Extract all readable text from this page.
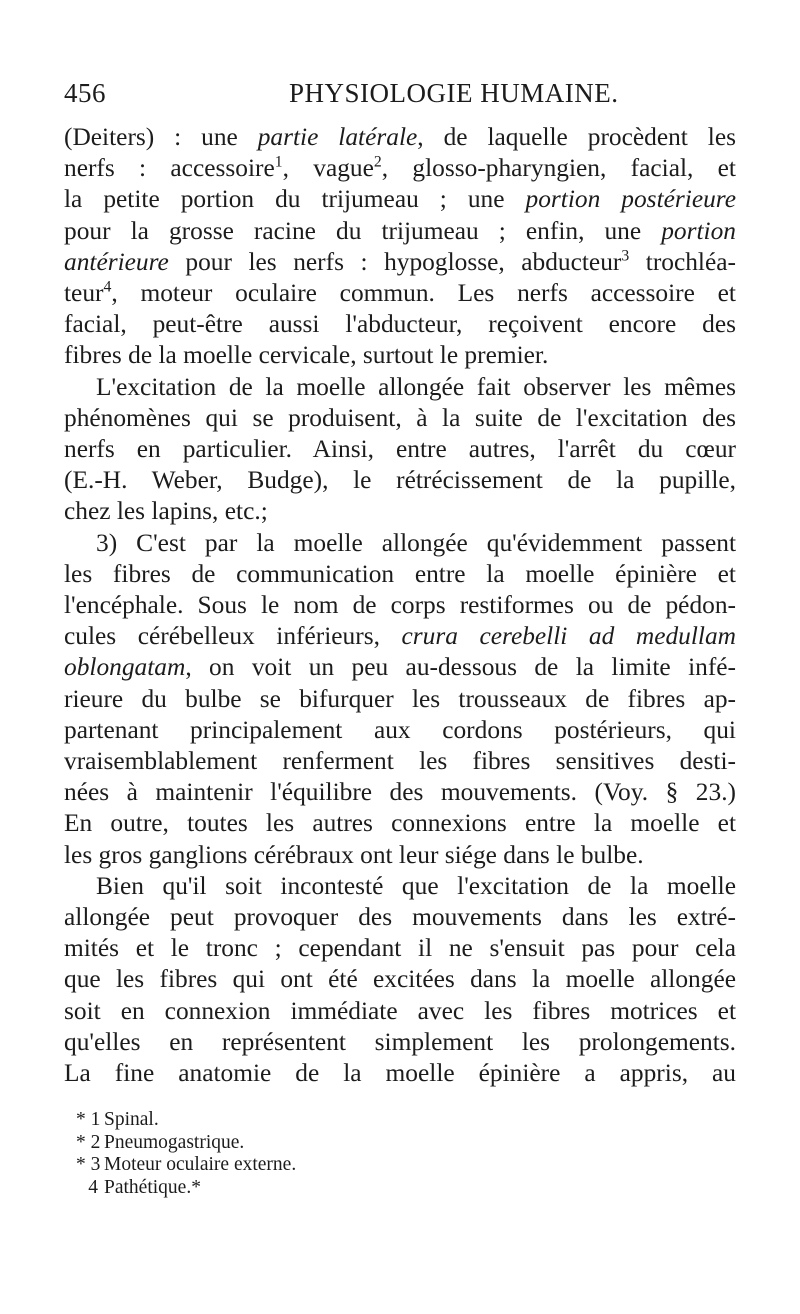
456	PHYSIOLOGIE HUMAINE.
(Deiters) : une partie latérale, de laquelle procèdent les
nerfs : accessoire$^1$, vague$^2$, glosso-pharyngien, facial, et
la petite portion du trijumeau ; une portion postérieure
pour la grosse racine du trijumeau ; enfin, une portion
antérieure pour les nerfs : hypoglosse, abducteur$^3$ trochléa-
teur$^4$, moteur oculaire commun. Les nerfs accessoire et
facial, peut-être aussi l'abducteur, reçoivent encore des
fibres de la moelle cervicale, surtout le premier.
L'excitation de la moelle allongée fait observer les mêmes
phénomènes qui se produisent, à la suite de l'excitation des
nerfs en particulier. Ainsi, entre autres, l'arrêt du cœur
(E.-H. Weber, Budge), le rétrécissement de la pupille,
chez les lapins, etc.;
3) C'est par la moelle allongée qu'évidemment passent
les fibres de communication entre la moelle épinière et
l'encéphale. Sous le nom de corps restiformes ou de pédon-
cules cérébelleux inférieurs, crura cerebelli ad medullam
oblongatam, on voit un peu au-dessous de la limite infé-
rieure du bulbe se bifurquer les trousseaux de fibres ap-
partenant principalement aux cordons postérieurs, qui
vraisemblablement renferment les fibres sensitives desti-
nées à maintenir l'équilibre des mouvements. (Voy. § 23.)
En outre, toutes les autres connexions entre la moelle et
les gros ganglions cérébraux ont leur siége dans le bulbe.
Bien qu'il soit incontesté que l'excitation de la moelle
allongée peut provoquer des mouvements dans les extré-
mités et le tronc ; cependant il ne s'ensuit pas pour cela
que les fibres qui ont été excitées dans la moelle allongée
soit en connexion immédiate avec les fibres motrices et
qu'elles en représentent simplement les prolongements.
La fine anatomie de la moelle épinière a appris, au
* 1 Spinal.
* 2 Pneumogastrique.
* 3 Moteur oculaire externe.
4 Pathétique.*
